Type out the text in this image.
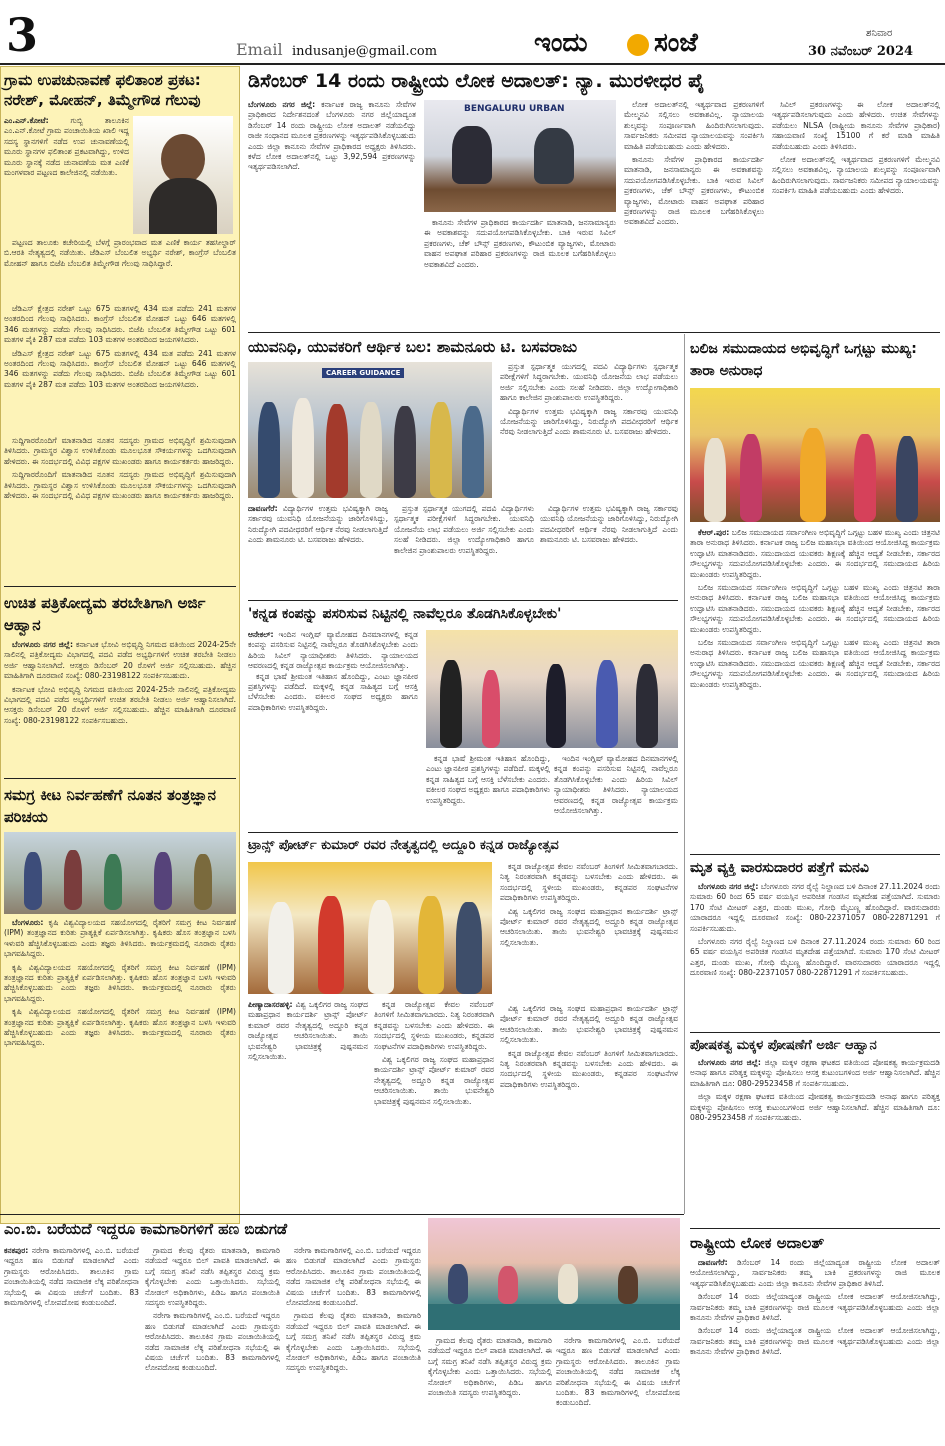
3	Email indusanje@gmail.com	ಇಂದು	ಸಂಜೆ	ಶನಿವಾರ
30 ನವೆಂಬರ್ 2024
ಗ್ರಾಮ ಉಪಚುನಾವಣೆ ಫಲಿತಾಂಶ ಪ್ರಕಟ: ನರೇಶ್, ಮೋಹನ್, ತಿಮ್ಮೇಗೌಡ ಗೆಲುವು
ಎಂ.ಎನ್.ಕೋಟೆ:	ಗುಬ್ಬಿ ತಾಲೂಕಿನ ಎಂ.ಎನ್.ಕೋಟೆ ಗ್ರಾಮ ಪಂಚಾಯಿತಿಯ ಖಾಲಿ ಇದ್ದ ಸದಸ್ಯ ಸ್ಥಾನಗಳಿಗೆ ನಡೆದ ಉಪ ಚುನಾವಣೆಯಲ್ಲಿ ಮೂರು ಸ್ಥಾನಗಳ ಫಲಿತಾಂಶ ಪ್ರಕಟವಾಗಿದ್ದು, ಉಳಿದ ಮೂರು ಸ್ಥಾನಕ್ಕೆ ನಡೆದ ಚುನಾವಣೆಯ ಮತ ಎಣಿಕೆ ಮಂಗಳವಾರ ಪಟ್ಟಣದ ಕಾಲೇಜಿನಲ್ಲಿ ನಡೆಯಿತು.

ಪಟ್ಟಣದ ತಾಲೂಕು ಕಚೇರಿಯಲ್ಲಿ ಬೆಳಗ್ಗೆ ಪ್ರಾರಂಭವಾದ ಮತ ಎಣಿಕೆ ಕಾರ್ಯ ತಹಸೀಲ್ದಾರ್ ಬಿ.ಆರತಿ ನೇತೃತ್ವದಲ್ಲಿ ನಡೆಯಿತು. ಜೆಡಿಎಸ್ ಬೆಂಬಲಿತ ಅಭ್ಯರ್ಥಿ ನರೇಶ್, ಕಾಂಗ್ರೆಸ್ ಬೆಂಬಲಿತ ಮೋಹನ್ ಹಾಗೂ ಬಿಜೆಪಿ ಬೆಂಬಲಿತ ತಿಮ್ಮೇಗೌಡ ಗೆಲುವು ಸಾಧಿಸಿದ್ದಾರೆ.

ಜೆಡಿಎಸ್ ಕ್ಷೇತ್ರದ ನರೇಶ್ ಒಟ್ಟು 675 ಮತಗಳಲ್ಲಿ 434 ಮತ ಪಡೆದು 241 ಮತಗಳ ಅಂತರದಿಂದ ಗೆಲುವು ಸಾಧಿಸಿದರು. ಕಾಂಗ್ರೆಸ್ ಬೆಂಬಲಿತ ಮೋಹನ್ ಒಟ್ಟು 646 ಮತಗಳಲ್ಲಿ 346 ಮತಗಳನ್ನು ಪಡೆದು ಗೆಲುವು ಸಾಧಿಸಿದರು. ಬಿಜೆಪಿ ಬೆಂಬಲಿತ ತಿಮ್ಮೇಗೌಡ ಒಟ್ಟು 601 ಮತಗಳ ಪೈಕಿ 287 ಮತ ಪಡೆದು 103 ಮತಗಳ ಅಂತರದಿಂದ ಜಯಗಳಿಸಿದರು.

ಜೆಡಿಎಸ್ ಕ್ಷೇತ್ರದ ನರೇಶ್ ಒಟ್ಟು 675 ಮತಗಳಲ್ಲಿ 434 ಮತ ಪಡೆದು 241 ಮತಗಳ ಅಂತರದಿಂದ ಗೆಲುವು ಸಾಧಿಸಿದರು. ಕಾಂಗ್ರೆಸ್ ಬೆಂಬಲಿತ ಮೋಹನ್ ಒಟ್ಟು 646 ಮತಗಳಲ್ಲಿ 346 ಮತಗಳನ್ನು ಪಡೆದು ಗೆಲುವು ಸಾಧಿಸಿದರು. ಬಿಜೆಪಿ ಬೆಂಬಲಿತ ತಿಮ್ಮೇಗೌಡ ಒಟ್ಟು 601 ಮತಗಳ ಪೈಕಿ 287 ಮತ ಪಡೆದು 103 ಮತಗಳ ಅಂತರದಿಂದ ಜಯಗಳಿಸಿದರು.

ಸುದ್ದಿಗಾರರೊಂದಿಗೆ ಮಾತನಾಡಿದ ನೂತನ ಸದಸ್ಯರು ಗ್ರಾಮದ ಅಭಿವೃದ್ಧಿಗೆ ಶ್ರಮಿಸುವುದಾಗಿ ತಿಳಿಸಿದರು. ಗ್ರಾಮಸ್ಥರ ವಿಶ್ವಾಸ ಉಳಿಸಿಕೊಂಡು ಮೂಲಭೂತ ಸೌಕರ್ಯಗಳನ್ನು ಒದಗಿಸುವುದಾಗಿ ಹೇಳಿದರು. ಈ ಸಂದರ್ಭದಲ್ಲಿ ವಿವಿಧ ಪಕ್ಷಗಳ ಮುಖಂಡರು ಹಾಗೂ ಕಾರ್ಯಕರ್ತರು ಹಾಜರಿದ್ದರು.

ಸುದ್ದಿಗಾರರೊಂದಿಗೆ ಮಾತನಾಡಿದ ನೂತನ ಸದಸ್ಯರು ಗ್ರಾಮದ ಅಭಿವೃದ್ಧಿಗೆ ಶ್ರಮಿಸುವುದಾಗಿ ತಿಳಿಸಿದರು. ಗ್ರಾಮಸ್ಥರ ವಿಶ್ವಾಸ ಉಳಿಸಿಕೊಂಡು ಮೂಲಭೂತ ಸೌಕರ್ಯಗಳನ್ನು ಒದಗಿಸುವುದಾಗಿ ಹೇಳಿದರು. ಈ ಸಂದರ್ಭದಲ್ಲಿ ವಿವಿಧ ಪಕ್ಷಗಳ ಮುಖಂಡರು ಹಾಗೂ ಕಾರ್ಯಕರ್ತರು ಹಾಜರಿದ್ದರು.

ಉಚಿತ ಪತ್ರಿಕೋದ್ಯಮ ತರಬೇತಿಗಾಗಿ ಅರ್ಜಿ ಆಹ್ವಾನ

ಬೆಂಗಳೂರು ನಗರ ಜಿಲ್ಲೆ: ಕರ್ನಾಟಕ ಭೋವಿ ಅಭಿವೃದ್ಧಿ ನಿಗಮದ ವತಿಯಿಂದ 2024-25ನೇ ಸಾಲಿನಲ್ಲಿ ಪತ್ರಿಕೋದ್ಯಮ ವಿಭಾಗದಲ್ಲಿ ಪದವಿ ಪಡೆದ ಅಭ್ಯರ್ಥಿಗಳಿಗೆ ಉಚಿತ ತರಬೇತಿ ನೀಡಲು ಅರ್ಜಿ ಆಹ್ವಾನಿಸಲಾಗಿದೆ. ಆಸಕ್ತರು ಡಿಸೆಂಬರ್ 20 ರೊಳಗೆ ಅರ್ಜಿ ಸಲ್ಲಿಸಬಹುದು. ಹೆಚ್ಚಿನ ಮಾಹಿತಿಗಾಗಿ ದೂರವಾಣಿ ಸಂಖ್ಯೆ: 080-23198122 ಸಂಪರ್ಕಿಸಬಹುದು.

ಕರ್ನಾಟಕ ಭೋವಿ ಅಭಿವೃದ್ಧಿ ನಿಗಮದ ವತಿಯಿಂದ 2024-25ನೇ ಸಾಲಿನಲ್ಲಿ ಪತ್ರಿಕೋದ್ಯಮ ವಿಭಾಗದಲ್ಲಿ ಪದವಿ ಪಡೆದ ಅಭ್ಯರ್ಥಿಗಳಿಗೆ ಉಚಿತ ತರಬೇತಿ ನೀಡಲು ಅರ್ಜಿ ಆಹ್ವಾನಿಸಲಾಗಿದೆ. ಆಸಕ್ತರು ಡಿಸೆಂಬರ್ 20 ರೊಳಗೆ ಅರ್ಜಿ ಸಲ್ಲಿಸಬಹುದು. ಹೆಚ್ಚಿನ ಮಾಹಿತಿಗಾಗಿ ದೂರವಾಣಿ ಸಂಖ್ಯೆ: 080-23198122 ಸಂಪರ್ಕಿಸಬಹುದು.

ಸಮಗ್ರ ಕೀಟ ನಿರ್ವಹಣೆಗೆ ನೂತನ ತಂತ್ರಜ್ಞಾನ ಪರಿಚಯ

ಬೆಂಗಳೂರು: ಕೃಷಿ ವಿಶ್ವವಿದ್ಯಾಲಯದ ಸಹಯೋಗದಲ್ಲಿ ರೈತರಿಗೆ ಸಮಗ್ರ ಕೀಟ ನಿರ್ವಹಣೆ (IPM) ತಂತ್ರಜ್ಞಾನದ ಕುರಿತು ಪ್ರಾತ್ಯಕ್ಷಿಕೆ ಏರ್ಪಡಿಸಲಾಗಿತ್ತು. ಕೃಷಿಕರು ಹೊಸ ತಂತ್ರಜ್ಞಾನ ಬಳಸಿ ಇಳುವರಿ ಹೆಚ್ಚಿಸಿಕೊಳ್ಳಬಹುದು ಎಂದು ತಜ್ಞರು ತಿಳಿಸಿದರು. ಕಾರ್ಯಕ್ರಮದಲ್ಲಿ ನೂರಾರು ರೈತರು ಭಾಗವಹಿಸಿದ್ದರು.

ಕೃಷಿ ವಿಶ್ವವಿದ್ಯಾಲಯದ ಸಹಯೋಗದಲ್ಲಿ ರೈತರಿಗೆ ಸಮಗ್ರ ಕೀಟ ನಿರ್ವಹಣೆ (IPM) ತಂತ್ರಜ್ಞಾನದ ಕುರಿತು ಪ್ರಾತ್ಯಕ್ಷಿಕೆ ಏರ್ಪಡಿಸಲಾಗಿತ್ತು. ಕೃಷಿಕರು ಹೊಸ ತಂತ್ರಜ್ಞಾನ ಬಳಸಿ ಇಳುವರಿ ಹೆಚ್ಚಿಸಿಕೊಳ್ಳಬಹುದು ಎಂದು ತಜ್ಞರು ತಿಳಿಸಿದರು. ಕಾರ್ಯಕ್ರಮದಲ್ಲಿ ನೂರಾರು ರೈತರು ಭಾಗವಹಿಸಿದ್ದರು.

ಕೃಷಿ ವಿಶ್ವವಿದ್ಯಾಲಯದ ಸಹಯೋಗದಲ್ಲಿ ರೈತರಿಗೆ ಸಮಗ್ರ ಕೀಟ ನಿರ್ವಹಣೆ (IPM) ತಂತ್ರಜ್ಞಾನದ ಕುರಿತು ಪ್ರಾತ್ಯಕ್ಷಿಕೆ ಏರ್ಪಡಿಸಲಾಗಿತ್ತು. ಕೃಷಿಕರು ಹೊಸ ತಂತ್ರಜ್ಞಾನ ಬಳಸಿ ಇಳುವರಿ ಹೆಚ್ಚಿಸಿಕೊಳ್ಳಬಹುದು ಎಂದು ತಜ್ಞರು ತಿಳಿಸಿದರು. ಕಾರ್ಯಕ್ರಮದಲ್ಲಿ ನೂರಾರು ರೈತರು ಭಾಗವಹಿಸಿದ್ದರು.

ಡಿಸೆಂಬರ್ 14 ರಂದು ರಾಷ್ಟ್ರೀಯ ಲೋಕ ಅದಾಲತ್: ನ್ಯಾ. ಮುರಳೀಧರ ಪೈ
ಬೆಂಗಳೂರು ನಗರ ಜಿಲ್ಲೆ: ಕರ್ನಾಟಕ ರಾಜ್ಯ ಕಾನೂನು ಸೇವೆಗಳ ಪ್ರಾಧಿಕಾರದ ನಿರ್ದೇಶನದಂತೆ ಬೆಂಗಳೂರು ನಗರ ಜಿಲ್ಲೆಯಾದ್ಯಂತ ಡಿಸೆಂಬರ್ 14 ರಂದು ರಾಷ್ಟ್ರೀಯ ಲೋಕ ಅದಾಲತ್ ನಡೆಯಲಿದ್ದು ರಾಜೀ ಸಂಧಾನದ ಮೂಲಕ ಪ್ರಕರಣಗಳನ್ನು ಇತ್ಯರ್ಥಪಡಿಸಿಕೊಳ್ಳಬಹುದು ಎಂದು ಜಿಲ್ಲಾ ಕಾನೂನು ಸೇವೆಗಳ ಪ್ರಾಧಿಕಾರದ ಅಧ್ಯಕ್ಷರು ತಿಳಿಸಿದರು. ಕಳೆದ ಲೋಕ ಅದಾಲತ್‌ನಲ್ಲಿ ಒಟ್ಟು 3,92,594 ಪ್ರಕರಣಗಳನ್ನು ಇತ್ಯರ್ಥಪಡಿಸಲಾಗಿದೆ.
BENGALURU URBAN

ಕಾನೂನು ಸೇವೆಗಳ ಪ್ರಾಧಿಕಾರದ ಕಾರ್ಯದರ್ಶಿ ಮಾತನಾಡಿ, ಜನಸಾಮಾನ್ಯರು ಈ ಅವಕಾಶವನ್ನು ಸದುಪಯೋಗಪಡಿಸಿಕೊಳ್ಳಬೇಕು. ಬಾಕಿ ಇರುವ ಸಿವಿಲ್ ಪ್ರಕರಣಗಳು, ಚೆಕ್ ಬೌನ್ಸ್ ಪ್ರಕರಣಗಳು, ಕೌಟುಂಬಿಕ ವ್ಯಾಜ್ಯಗಳು, ಮೋಟಾರು ವಾಹನ ಅಪಘಾತ ಪರಿಹಾರ ಪ್ರಕರಣಗಳನ್ನು ರಾಜಿ ಮೂಲಕ ಬಗೆಹರಿಸಿಕೊಳ್ಳಲು ಅವಕಾಶವಿದೆ ಎಂದರು.

ಲೋಕ ಅದಾಲತ್‌ನಲ್ಲಿ ಇತ್ಯರ್ಥವಾದ ಪ್ರಕರಣಗಳಿಗೆ ಮೇಲ್ಮನವಿ ಸಲ್ಲಿಸಲು ಅವಕಾಶವಿಲ್ಲ. ನ್ಯಾಯಾಲಯ ಶುಲ್ಕವನ್ನು ಸಂಪೂರ್ಣವಾಗಿ ಹಿಂದಿರುಗಿಸಲಾಗುವುದು. ಸಾರ್ವಜನಿಕರು ಸಮೀಪದ ನ್ಯಾಯಾಲಯವನ್ನು ಸಂಪರ್ಕಿಸಿ ಮಾಹಿತಿ ಪಡೆಯಬಹುದು ಎಂದು ಹೇಳಿದರು.

ಕಾನೂನು ಸೇವೆಗಳ ಪ್ರಾಧಿಕಾರದ ಕಾರ್ಯದರ್ಶಿ ಮಾತನಾಡಿ, ಜನಸಾಮಾನ್ಯರು ಈ ಅವಕಾಶವನ್ನು ಸದುಪಯೋಗಪಡಿಸಿಕೊಳ್ಳಬೇಕು. ಬಾಕಿ ಇರುವ ಸಿವಿಲ್ ಪ್ರಕರಣಗಳು, ಚೆಕ್ ಬೌನ್ಸ್ ಪ್ರಕರಣಗಳು, ಕೌಟುಂಬಿಕ ವ್ಯಾಜ್ಯಗಳು, ಮೋಟಾರು ವಾಹನ ಅಪಘಾತ ಪರಿಹಾರ ಪ್ರಕರಣಗಳನ್ನು ರಾಜಿ ಮೂಲಕ ಬಗೆಹರಿಸಿಕೊಳ್ಳಲು ಅವಕಾಶವಿದೆ ಎಂದರು.

ಸಿವಿಲ್ ಪ್ರಕರಣಗಳನ್ನು ಈ ಲೋಕ ಅದಾಲತ್‌ನಲ್ಲಿ ಇತ್ಯರ್ಥಪಡಿಸಲಾಗುವುದು ಎಂದು ಹೇಳಿದರು. ಉಚಿತ ಸೇವೆಗಳನ್ನು ಪಡೆಯಲು NLSA (ರಾಷ್ಟ್ರೀಯ ಕಾನೂನು ಸೇವೆಗಳ ಪ್ರಾಧಿಕಾರ) ಸಹಾಯವಾಣಿ ಸಂಖ್ಯೆ 15100 ಗೆ ಕರೆ ಮಾಡಿ ಮಾಹಿತಿ ಪಡೆಯಬಹುದು ಎಂದು ತಿಳಿಸಿದರು.

ಲೋಕ ಅದಾಲತ್‌ನಲ್ಲಿ ಇತ್ಯರ್ಥವಾದ ಪ್ರಕರಣಗಳಿಗೆ ಮೇಲ್ಮನವಿ ಸಲ್ಲಿಸಲು ಅವಕಾಶವಿಲ್ಲ. ನ್ಯಾಯಾಲಯ ಶುಲ್ಕವನ್ನು ಸಂಪೂರ್ಣವಾಗಿ ಹಿಂದಿರುಗಿಸಲಾಗುವುದು. ಸಾರ್ವಜನಿಕರು ಸಮೀಪದ ನ್ಯಾಯಾಲಯವನ್ನು ಸಂಪರ್ಕಿಸಿ ಮಾಹಿತಿ ಪಡೆಯಬಹುದು ಎಂದು ಹೇಳಿದರು.

ಯುವನಿಧಿ, ಯುವಕರಿಗೆ ಆರ್ಥಿಕ ಬಲ: ಶಾಮನೂರು ಟಿ. ಬಸವರಾಜು
CAREER GUIDANCE

ಪ್ರಸ್ತುತ ಸ್ಪರ್ಧಾತ್ಮಕ ಯುಗದಲ್ಲಿ ಪದವಿ ವಿದ್ಯಾರ್ಥಿಗಳು ಸ್ಪರ್ಧಾತ್ಮಕ ಪರೀಕ್ಷೆಗಳಿಗೆ ಸಿದ್ಧರಾಗಬೇಕು. ಯುವನಿಧಿ ಯೋಜನೆಯ ಲಾಭ ಪಡೆಯಲು ಅರ್ಜಿ ಸಲ್ಲಿಸಬೇಕು ಎಂದು ಸಲಹೆ ನೀಡಿದರು. ಜಿಲ್ಲಾ ಉದ್ಯೋಗಾಧಿಕಾರಿ ಹಾಗೂ ಕಾಲೇಜಿನ ಪ್ರಾಂಶುಪಾಲರು ಉಪಸ್ಥಿತರಿದ್ದರು.

ವಿದ್ಯಾರ್ಥಿಗಳ ಉತ್ತಮ ಭವಿಷ್ಯಕ್ಕಾಗಿ ರಾಜ್ಯ ಸರ್ಕಾರವು ಯುವನಿಧಿ ಯೋಜನೆಯನ್ನು ಜಾರಿಗೊಳಿಸಿದ್ದು, ನಿರುದ್ಯೋಗಿ ಪದವೀಧರರಿಗೆ ಆರ್ಥಿಕ ನೆರವು ನೀಡಲಾಗುತ್ತಿದೆ ಎಂದು ಶಾಮನೂರು ಟಿ. ಬಸವರಾಜು ಹೇಳಿದರು.

ದಾವಣಗೆರೆ: ವಿದ್ಯಾರ್ಥಿಗಳ ಉತ್ತಮ ಭವಿಷ್ಯಕ್ಕಾಗಿ ರಾಜ್ಯ ಸರ್ಕಾರವು ಯುವನಿಧಿ ಯೋಜನೆಯನ್ನು ಜಾರಿಗೊಳಿಸಿದ್ದು, ನಿರುದ್ಯೋಗಿ ಪದವೀಧರರಿಗೆ ಆರ್ಥಿಕ ನೆರವು ನೀಡಲಾಗುತ್ತಿದೆ ಎಂದು ಶಾಮನೂರು ಟಿ. ಬಸವರಾಜು ಹೇಳಿದರು.

ಪ್ರಸ್ತುತ ಸ್ಪರ್ಧಾತ್ಮಕ ಯುಗದಲ್ಲಿ ಪದವಿ ವಿದ್ಯಾರ್ಥಿಗಳು ಸ್ಪರ್ಧಾತ್ಮಕ ಪರೀಕ್ಷೆಗಳಿಗೆ ಸಿದ್ಧರಾಗಬೇಕು. ಯುವನಿಧಿ ಯೋಜನೆಯ ಲಾಭ ಪಡೆಯಲು ಅರ್ಜಿ ಸಲ್ಲಿಸಬೇಕು ಎಂದು ಸಲಹೆ ನೀಡಿದರು. ಜಿಲ್ಲಾ ಉದ್ಯೋಗಾಧಿಕಾರಿ ಹಾಗೂ ಕಾಲೇಜಿನ ಪ್ರಾಂಶುಪಾಲರು ಉಪಸ್ಥಿತರಿದ್ದರು.

ವಿದ್ಯಾರ್ಥಿಗಳ ಉತ್ತಮ ಭವಿಷ್ಯಕ್ಕಾಗಿ ರಾಜ್ಯ ಸರ್ಕಾರವು ಯುವನಿಧಿ ಯೋಜನೆಯನ್ನು ಜಾರಿಗೊಳಿಸಿದ್ದು, ನಿರುದ್ಯೋಗಿ ಪದವೀಧರರಿಗೆ ಆರ್ಥಿಕ ನೆರವು ನೀಡಲಾಗುತ್ತಿದೆ ಎಂದು ಶಾಮನೂರು ಟಿ. ಬಸವರಾಜು ಹೇಳಿದರು.

'ಕನ್ನಡ ಕಂಪನ್ನು ಪಸರಿಸುವ ನಿಟ್ಟಿನಲ್ಲಿ ನಾವೆಲ್ಲರೂ ತೊಡಗಿಸಿಕೊಳ್ಳಬೇಕು'
ಆನೇಕಲ್: ಇಂದಿನ ಇಂಗ್ಲಿಷ್ ವ್ಯಾಮೋಹದ ದಿನಮಾನಗಳಲ್ಲಿ ಕನ್ನಡ ಕಂಪನ್ನು ಪಸರಿಸುವ ನಿಟ್ಟಿನಲ್ಲಿ ನಾವೆಲ್ಲರೂ ತೊಡಗಿಸಿಕೊಳ್ಳಬೇಕು ಎಂದು ಹಿರಿಯ ಸಿವಿಲ್ ನ್ಯಾಯಾಧೀಶರು ತಿಳಿಸಿದರು. ನ್ಯಾಯಾಲಯದ ಆವರಣದಲ್ಲಿ ಕನ್ನಡ ರಾಜ್ಯೋತ್ಸವ ಕಾರ್ಯಕ್ರಮ ಆಯೋಜಿಸಲಾಗಿತ್ತು.

ಕನ್ನಡ ಭಾಷೆ ಶ್ರೀಮಂತ ಇತಿಹಾಸ ಹೊಂದಿದ್ದು, ಎಂಟು ಜ್ಞಾನಪೀಠ ಪ್ರಶಸ್ತಿಗಳನ್ನು ಪಡೆದಿದೆ. ಮಕ್ಕಳಲ್ಲಿ ಕನ್ನಡ ಸಾಹಿತ್ಯದ ಬಗ್ಗೆ ಆಸಕ್ತಿ ಬೆಳೆಸಬೇಕು ಎಂದರು. ವಕೀಲರ ಸಂಘದ ಅಧ್ಯಕ್ಷರು ಹಾಗೂ ಪದಾಧಿಕಾರಿಗಳು ಉಪಸ್ಥಿತರಿದ್ದರು.

ಕನ್ನಡ ಭಾಷೆ ಶ್ರೀಮಂತ ಇತಿಹಾಸ ಹೊಂದಿದ್ದು, ಎಂಟು ಜ್ಞಾನಪೀಠ ಪ್ರಶಸ್ತಿಗಳನ್ನು ಪಡೆದಿದೆ. ಮಕ್ಕಳಲ್ಲಿ ಕನ್ನಡ ಸಾಹಿತ್ಯದ ಬಗ್ಗೆ ಆಸಕ್ತಿ ಬೆಳೆಸಬೇಕು ಎಂದರು. ವಕೀಲರ ಸಂಘದ ಅಧ್ಯಕ್ಷರು ಹಾಗೂ ಪದಾಧಿಕಾರಿಗಳು ಉಪಸ್ಥಿತರಿದ್ದರು.

ಇಂದಿನ ಇಂಗ್ಲಿಷ್ ವ್ಯಾಮೋಹದ ದಿನಮಾನಗಳಲ್ಲಿ ಕನ್ನಡ ಕಂಪನ್ನು ಪಸರಿಸುವ ನಿಟ್ಟಿನಲ್ಲಿ ನಾವೆಲ್ಲರೂ ತೊಡಗಿಸಿಕೊಳ್ಳಬೇಕು ಎಂದು ಹಿರಿಯ ಸಿವಿಲ್ ನ್ಯಾಯಾಧೀಶರು ತಿಳಿಸಿದರು. ನ್ಯಾಯಾಲಯದ ಆವರಣದಲ್ಲಿ ಕನ್ನಡ ರಾಜ್ಯೋತ್ಸವ ಕಾರ್ಯಕ್ರಮ ಆಯೋಜಿಸಲಾಗಿತ್ತು.

ಟ್ರಾನ್ಸ್ ಪೋರ್ಟ್ ಕುಮಾರ್ ರವರ ನೇತೃತ್ವದಲ್ಲಿ ಅದ್ದೂರಿ ಕನ್ನಡ ರಾಜ್ಯೋತ್ಸವ

ಕನ್ನಡ ರಾಜ್ಯೋತ್ಸವ ಕೇವಲ ನವೆಂಬರ್ ತಿಂಗಳಿಗೆ ಸೀಮಿತವಾಗಬಾರದು. ನಿತ್ಯ ನಿರಂತರವಾಗಿ ಕನ್ನಡವನ್ನು ಬಳಸಬೇಕು ಎಂದು ಹೇಳಿದರು. ಈ ಸಂದರ್ಭದಲ್ಲಿ ಸ್ಥಳೀಯ ಮುಖಂಡರು, ಕನ್ನಡಪರ ಸಂಘಟನೆಗಳ ಪದಾಧಿಕಾರಿಗಳು ಉಪಸ್ಥಿತರಿದ್ದರು.

ವಿಶ್ವ ಒಕ್ಕಲಿಗರ ರಾಜ್ಯ ಸಂಘದ ಮಹಾಪ್ರಧಾನ ಕಾರ್ಯದರ್ಶಿ ಟ್ರಾನ್ಸ್ ಪೋರ್ಟ್ ಕುಮಾರ್ ರವರ ನೇತೃತ್ವದಲ್ಲಿ ಅದ್ದೂರಿ ಕನ್ನಡ ರಾಜ್ಯೋತ್ಸವ ಆಚರಿಸಲಾಯಿತು. ತಾಯಿ ಭುವನೇಶ್ವರಿ ಭಾವಚಿತ್ರಕ್ಕೆ ಪುಷ್ಪನಮನ ಸಲ್ಲಿಸಲಾಯಿತು.

ಪೀಣ್ಯಾದಾಸರಹಳ್ಳಿ: ವಿಶ್ವ ಒಕ್ಕಲಿಗರ ರಾಜ್ಯ ಸಂಘದ ಮಹಾಪ್ರಧಾನ ಕಾರ್ಯದರ್ಶಿ ಟ್ರಾನ್ಸ್ ಪೋರ್ಟ್ ಕುಮಾರ್ ರವರ ನೇತೃತ್ವದಲ್ಲಿ ಅದ್ದೂರಿ ಕನ್ನಡ ರಾಜ್ಯೋತ್ಸವ ಆಚರಿಸಲಾಯಿತು. ತಾಯಿ ಭುವನೇಶ್ವರಿ ಭಾವಚಿತ್ರಕ್ಕೆ ಪುಷ್ಪನಮನ ಸಲ್ಲಿಸಲಾಯಿತು.

ಕನ್ನಡ ರಾಜ್ಯೋತ್ಸವ ಕೇವಲ ನವೆಂಬರ್ ತಿಂಗಳಿಗೆ ಸೀಮಿತವಾಗಬಾರದು. ನಿತ್ಯ ನಿರಂತರವಾಗಿ ಕನ್ನಡವನ್ನು ಬಳಸಬೇಕು ಎಂದು ಹೇಳಿದರು. ಈ ಸಂದರ್ಭದಲ್ಲಿ ಸ್ಥಳೀಯ ಮುಖಂಡರು, ಕನ್ನಡಪರ ಸಂಘಟನೆಗಳ ಪದಾಧಿಕಾರಿಗಳು ಉಪಸ್ಥಿತರಿದ್ದರು.

ವಿಶ್ವ ಒಕ್ಕಲಿಗರ ರಾಜ್ಯ ಸಂಘದ ಮಹಾಪ್ರಧಾನ ಕಾರ್ಯದರ್ಶಿ ಟ್ರಾನ್ಸ್ ಪೋರ್ಟ್ ಕುಮಾರ್ ರವರ ನೇತೃತ್ವದಲ್ಲಿ ಅದ್ದೂರಿ ಕನ್ನಡ ರಾಜ್ಯೋತ್ಸವ ಆಚರಿಸಲಾಯಿತು. ತಾಯಿ ಭುವನೇಶ್ವರಿ ಭಾವಚಿತ್ರಕ್ಕೆ ಪುಷ್ಪನಮನ ಸಲ್ಲಿಸಲಾಯಿತು.

ವಿಶ್ವ ಒಕ್ಕಲಿಗರ ರಾಜ್ಯ ಸಂಘದ ಮಹಾಪ್ರಧಾನ ಕಾರ್ಯದರ್ಶಿ ಟ್ರಾನ್ಸ್ ಪೋರ್ಟ್ ಕುಮಾರ್ ರವರ ನೇತೃತ್ವದಲ್ಲಿ ಅದ್ದೂರಿ ಕನ್ನಡ ರಾಜ್ಯೋತ್ಸವ ಆಚರಿಸಲಾಯಿತು. ತಾಯಿ ಭುವನೇಶ್ವರಿ ಭಾವಚಿತ್ರಕ್ಕೆ ಪುಷ್ಪನಮನ ಸಲ್ಲಿಸಲಾಯಿತು.

ಕನ್ನಡ ರಾಜ್ಯೋತ್ಸವ ಕೇವಲ ನವೆಂಬರ್ ತಿಂಗಳಿಗೆ ಸೀಮಿತವಾಗಬಾರದು. ನಿತ್ಯ ನಿರಂತರವಾಗಿ ಕನ್ನಡವನ್ನು ಬಳಸಬೇಕು ಎಂದು ಹೇಳಿದರು. ಈ ಸಂದರ್ಭದಲ್ಲಿ ಸ್ಥಳೀಯ ಮುಖಂಡರು, ಕನ್ನಡಪರ ಸಂಘಟನೆಗಳ ಪದಾಧಿಕಾರಿಗಳು ಉಪಸ್ಥಿತರಿದ್ದರು.

ಬಲಿಜ ಸಮುದಾಯದ ಅಭಿವೃದ್ಧಿಗೆ ಒಗ್ಗಟ್ಟು ಮುಖ್ಯ: ತಾರಾ ಅನುರಾಧ

ಕೆಆರ್.ಪುರ: ಬಲಿಜ ಸಮುದಾಯದ ಸರ್ವಾಂಗೀಣ ಅಭಿವೃದ್ಧಿಗೆ ಒಗ್ಗಟ್ಟು ಬಹಳ ಮುಖ್ಯ ಎಂದು ಚಿತ್ರನಟಿ ತಾರಾ ಅನುರಾಧ ತಿಳಿಸಿದರು. ಕರ್ನಾಟಕ ರಾಜ್ಯ ಬಲಿಜ ಮಹಾಸಭಾ ವತಿಯಿಂದ ಆಯೋಜಿಸಿದ್ದ ಕಾರ್ಯಕ್ರಮ ಉದ್ಘಾಟಿಸಿ ಮಾತನಾಡಿದರು. ಸಮುದಾಯದ ಯುವಕರು ಶಿಕ್ಷಣಕ್ಕೆ ಹೆಚ್ಚಿನ ಆದ್ಯತೆ ನೀಡಬೇಕು, ಸರ್ಕಾರದ ಸೌಲಭ್ಯಗಳನ್ನು ಸದುಪಯೋಗಪಡಿಸಿಕೊಳ್ಳಬೇಕು ಎಂದರು. ಈ ಸಂದರ್ಭದಲ್ಲಿ ಸಮುದಾಯದ ಹಿರಿಯ ಮುಖಂಡರು ಉಪಸ್ಥಿತರಿದ್ದರು.

ಬಲಿಜ ಸಮುದಾಯದ ಸರ್ವಾಂಗೀಣ ಅಭಿವೃದ್ಧಿಗೆ ಒಗ್ಗಟ್ಟು ಬಹಳ ಮುಖ್ಯ ಎಂದು ಚಿತ್ರನಟಿ ತಾರಾ ಅನುರಾಧ ತಿಳಿಸಿದರು. ಕರ್ನಾಟಕ ರಾಜ್ಯ ಬಲಿಜ ಮಹಾಸಭಾ ವತಿಯಿಂದ ಆಯೋಜಿಸಿದ್ದ ಕಾರ್ಯಕ್ರಮ ಉದ್ಘಾಟಿಸಿ ಮಾತನಾಡಿದರು. ಸಮುದಾಯದ ಯುವಕರು ಶಿಕ್ಷಣಕ್ಕೆ ಹೆಚ್ಚಿನ ಆದ್ಯತೆ ನೀಡಬೇಕು, ಸರ್ಕಾರದ ಸೌಲಭ್ಯಗಳನ್ನು ಸದುಪಯೋಗಪಡಿಸಿಕೊಳ್ಳಬೇಕು ಎಂದರು. ಈ ಸಂದರ್ಭದಲ್ಲಿ ಸಮುದಾಯದ ಹಿರಿಯ ಮುಖಂಡರು ಉಪಸ್ಥಿತರಿದ್ದರು.

ಬಲಿಜ ಸಮುದಾಯದ ಸರ್ವಾಂಗೀಣ ಅಭಿವೃದ್ಧಿಗೆ ಒಗ್ಗಟ್ಟು ಬಹಳ ಮುಖ್ಯ ಎಂದು ಚಿತ್ರನಟಿ ತಾರಾ ಅನುರಾಧ ತಿಳಿಸಿದರು. ಕರ್ನಾಟಕ ರಾಜ್ಯ ಬಲಿಜ ಮಹಾಸಭಾ ವತಿಯಿಂದ ಆಯೋಜಿಸಿದ್ದ ಕಾರ್ಯಕ್ರಮ ಉದ್ಘಾಟಿಸಿ ಮಾತನಾಡಿದರು. ಸಮುದಾಯದ ಯುವಕರು ಶಿಕ್ಷಣಕ್ಕೆ ಹೆಚ್ಚಿನ ಆದ್ಯತೆ ನೀಡಬೇಕು, ಸರ್ಕಾರದ ಸೌಲಭ್ಯಗಳನ್ನು ಸದುಪಯೋಗಪಡಿಸಿಕೊಳ್ಳಬೇಕು ಎಂದರು. ಈ ಸಂದರ್ಭದಲ್ಲಿ ಸಮುದಾಯದ ಹಿರಿಯ ಮುಖಂಡರು ಉಪಸ್ಥಿತರಿದ್ದರು.

ಮೃತ ವ್ಯಕ್ತಿ ವಾರಸುದಾರರ ಪತ್ತೆಗೆ ಮನವಿ

ಬೆಂಗಳೂರು ನಗರ ಜಿಲ್ಲೆ: ಬೆಂಗಳೂರು ನಗರ ರೈಲ್ವೆ ನಿಲ್ದಾಣದ ಬಳಿ ದಿನಾಂಕ 27.11.2024 ರಂದು ಸುಮಾರು 60 ರಿಂದ 65 ವರ್ಷ ವಯಸ್ಸಿನ ಅಪರಿಚಿತ ಗಂಡಸಿನ ಮೃತದೇಹ ಪತ್ತೆಯಾಗಿದೆ. ಸುಮಾರು 170 ಸೆಂಟಿ ಮೀಟರ್ ಎತ್ತರ, ದುಂಡು ಮುಖ, ಗೋಧಿ ಮೈಬಣ್ಣ ಹೊಂದಿದ್ದಾರೆ. ವಾರಸುದಾರರು ಯಾರಾದರೂ ಇದ್ದಲ್ಲಿ ದೂರವಾಣಿ ಸಂಖ್ಯೆ: 080-22371057 080-22871291 ಗೆ ಸಂಪರ್ಕಿಸಬಹುದು.

ಬೆಂಗಳೂರು ನಗರ ರೈಲ್ವೆ ನಿಲ್ದಾಣದ ಬಳಿ ದಿನಾಂಕ 27.11.2024 ರಂದು ಸುಮಾರು 60 ರಿಂದ 65 ವರ್ಷ ವಯಸ್ಸಿನ ಅಪರಿಚಿತ ಗಂಡಸಿನ ಮೃತದೇಹ ಪತ್ತೆಯಾಗಿದೆ. ಸುಮಾರು 170 ಸೆಂಟಿ ಮೀಟರ್ ಎತ್ತರ, ದುಂಡು ಮುಖ, ಗೋಧಿ ಮೈಬಣ್ಣ ಹೊಂದಿದ್ದಾರೆ. ವಾರಸುದಾರರು ಯಾರಾದರೂ ಇದ್ದಲ್ಲಿ ದೂರವಾಣಿ ಸಂಖ್ಯೆ: 080-22371057 080-22871291 ಗೆ ಸಂಪರ್ಕಿಸಬಹುದು.

ಪೋಷಕತ್ವ ಮಕ್ಕಳ ಪೋಷಣೆಗೆ ಅರ್ಜಿ ಆಹ್ವಾನ

ಬೆಂಗಳೂರು ನಗರ ಜಿಲ್ಲೆ: ಜಿಲ್ಲಾ ಮಕ್ಕಳ ರಕ್ಷಣಾ ಘಟಕದ ವತಿಯಿಂದ ಪೋಷಕತ್ವ ಕಾರ್ಯಕ್ರಮದಡಿ ಅನಾಥ ಹಾಗೂ ಪರಿತ್ಯಕ್ತ ಮಕ್ಕಳನ್ನು ಪೋಷಿಸಲು ಆಸಕ್ತ ಕುಟುಂಬಗಳಿಂದ ಅರ್ಜಿ ಆಹ್ವಾನಿಸಲಾಗಿದೆ. ಹೆಚ್ಚಿನ ಮಾಹಿತಿಗಾಗಿ ದೂ: 080-29523458 ಗೆ ಸಂಪರ್ಕಿಸಬಹುದು.

ಜಿಲ್ಲಾ ಮಕ್ಕಳ ರಕ್ಷಣಾ ಘಟಕದ ವತಿಯಿಂದ ಪೋಷಕತ್ವ ಕಾರ್ಯಕ್ರಮದಡಿ ಅನಾಥ ಹಾಗೂ ಪರಿತ್ಯಕ್ತ ಮಕ್ಕಳನ್ನು ಪೋಷಿಸಲು ಆಸಕ್ತ ಕುಟುಂಬಗಳಿಂದ ಅರ್ಜಿ ಆಹ್ವಾನಿಸಲಾಗಿದೆ. ಹೆಚ್ಚಿನ ಮಾಹಿತಿಗಾಗಿ ದೂ: 080-29523458 ಗೆ ಸಂಪರ್ಕಿಸಬಹುದು.

ರಾಷ್ಟ್ರೀಯ ಲೋಕ ಅದಾಲತ್

ದಾವಣಗೆರೆ: ಡಿಸೆಂಬರ್ 14 ರಂದು ಜಿಲ್ಲೆಯಾದ್ಯಂತ ರಾಷ್ಟ್ರೀಯ ಲೋಕ ಅದಾಲತ್ ಆಯೋಜಿಸಲಾಗಿದ್ದು, ಸಾರ್ವಜನಿಕರು ತಮ್ಮ ಬಾಕಿ ಪ್ರಕರಣಗಳನ್ನು ರಾಜಿ ಮೂಲಕ ಇತ್ಯರ್ಥಪಡಿಸಿಕೊಳ್ಳಬಹುದು ಎಂದು ಜಿಲ್ಲಾ ಕಾನೂನು ಸೇವೆಗಳ ಪ್ರಾಧಿಕಾರ ತಿಳಿಸಿದೆ.

ಡಿಸೆಂಬರ್ 14 ರಂದು ಜಿಲ್ಲೆಯಾದ್ಯಂತ ರಾಷ್ಟ್ರೀಯ ಲೋಕ ಅದಾಲತ್ ಆಯೋಜಿಸಲಾಗಿದ್ದು, ಸಾರ್ವಜನಿಕರು ತಮ್ಮ ಬಾಕಿ ಪ್ರಕರಣಗಳನ್ನು ರಾಜಿ ಮೂಲಕ ಇತ್ಯರ್ಥಪಡಿಸಿಕೊಳ್ಳಬಹುದು ಎಂದು ಜಿಲ್ಲಾ ಕಾನೂನು ಸೇವೆಗಳ ಪ್ರಾಧಿಕಾರ ತಿಳಿಸಿದೆ.

ಡಿಸೆಂಬರ್ 14 ರಂದು ಜಿಲ್ಲೆಯಾದ್ಯಂತ ರಾಷ್ಟ್ರೀಯ ಲೋಕ ಅದಾಲತ್ ಆಯೋಜಿಸಲಾಗಿದ್ದು, ಸಾರ್ವಜನಿಕರು ತಮ್ಮ ಬಾಕಿ ಪ್ರಕರಣಗಳನ್ನು ರಾಜಿ ಮೂಲಕ ಇತ್ಯರ್ಥಪಡಿಸಿಕೊಳ್ಳಬಹುದು ಎಂದು ಜಿಲ್ಲಾ ಕಾನೂನು ಸೇವೆಗಳ ಪ್ರಾಧಿಕಾರ ತಿಳಿಸಿದೆ.

ಎಂ.ಬಿ. ಬರೆಯದೆ ಇದ್ದರೂ ಕಾಮಗಾರಿಗಳಿಗೆ ಹಣ ಬಿಡುಗಡೆ
ಕನಕಪುರ: ನರೇಗಾ ಕಾಮಗಾರಿಗಳಲ್ಲಿ ಎಂ.ಬಿ. ಬರೆಯದೆ ಇದ್ದರೂ ಹಣ ಬಿಡುಗಡೆ ಮಾಡಲಾಗಿದೆ ಎಂದು ಗ್ರಾಮಸ್ಥರು ಆರೋಪಿಸಿದರು. ತಾಲೂಕಿನ ಗ್ರಾಮ ಪಂಚಾಯಿತಿಯಲ್ಲಿ ನಡೆದ ಸಾಮಾಜಿಕ ಲೆಕ್ಕ ಪರಿಶೋಧನಾ ಸಭೆಯಲ್ಲಿ ಈ ವಿಷಯ ಚರ್ಚೆಗೆ ಬಂದಿತು. 83 ಕಾಮಗಾರಿಗಳಲ್ಲಿ ಲೋಪದೋಷ ಕಂಡುಬಂದಿದೆ.

ಗ್ರಾಮದ ಕೆಲವು ರೈತರು ಮಾತನಾಡಿ, ಕಾಮಗಾರಿ ನಡೆಯದೆ ಇದ್ದರೂ ಬಿಲ್ ಪಾವತಿ ಮಾಡಲಾಗಿದೆ. ಈ ಬಗ್ಗೆ ಸಮಗ್ರ ತನಿಖೆ ನಡೆಸಿ ತಪ್ಪಿತಸ್ಥರ ವಿರುದ್ಧ ಕ್ರಮ ಕೈಗೊಳ್ಳಬೇಕು ಎಂದು ಒತ್ತಾಯಿಸಿದರು. ಸಭೆಯಲ್ಲಿ ನೋಡಲ್ ಅಧಿಕಾರಿಗಳು, ಪಿಡಿಒ ಹಾಗೂ ಪಂಚಾಯಿತಿ ಸದಸ್ಯರು ಉಪಸ್ಥಿತರಿದ್ದರು.

ನರೇಗಾ ಕಾಮಗಾರಿಗಳಲ್ಲಿ ಎಂ.ಬಿ. ಬರೆಯದೆ ಇದ್ದರೂ ಹಣ ಬಿಡುಗಡೆ ಮಾಡಲಾಗಿದೆ ಎಂದು ಗ್ರಾಮಸ್ಥರು ಆರೋಪಿಸಿದರು. ತಾಲೂಕಿನ ಗ್ರಾಮ ಪಂಚಾಯಿತಿಯಲ್ಲಿ ನಡೆದ ಸಾಮಾಜಿಕ ಲೆಕ್ಕ ಪರಿಶೋಧನಾ ಸಭೆಯಲ್ಲಿ ಈ ವಿಷಯ ಚರ್ಚೆಗೆ ಬಂದಿತು. 83 ಕಾಮಗಾರಿಗಳಲ್ಲಿ ಲೋಪದೋಷ ಕಂಡುಬಂದಿದೆ.

ನರೇಗಾ ಕಾಮಗಾರಿಗಳಲ್ಲಿ ಎಂ.ಬಿ. ಬರೆಯದೆ ಇದ್ದರೂ ಹಣ ಬಿಡುಗಡೆ ಮಾಡಲಾಗಿದೆ ಎಂದು ಗ್ರಾಮಸ್ಥರು ಆರೋಪಿಸಿದರು. ತಾಲೂಕಿನ ಗ್ರಾಮ ಪಂಚಾಯಿತಿಯಲ್ಲಿ ನಡೆದ ಸಾಮಾಜಿಕ ಲೆಕ್ಕ ಪರಿಶೋಧನಾ ಸಭೆಯಲ್ಲಿ ಈ ವಿಷಯ ಚರ್ಚೆಗೆ ಬಂದಿತು. 83 ಕಾಮಗಾರಿಗಳಲ್ಲಿ ಲೋಪದೋಷ ಕಂಡುಬಂದಿದೆ.

ಗ್ರಾಮದ ಕೆಲವು ರೈತರು ಮಾತನಾಡಿ, ಕಾಮಗಾರಿ ನಡೆಯದೆ ಇದ್ದರೂ ಬಿಲ್ ಪಾವತಿ ಮಾಡಲಾಗಿದೆ. ಈ ಬಗ್ಗೆ ಸಮಗ್ರ ತನಿಖೆ ನಡೆಸಿ ತಪ್ಪಿತಸ್ಥರ ವಿರುದ್ಧ ಕ್ರಮ ಕೈಗೊಳ್ಳಬೇಕು ಎಂದು ಒತ್ತಾಯಿಸಿದರು. ಸಭೆಯಲ್ಲಿ ನೋಡಲ್ ಅಧಿಕಾರಿಗಳು, ಪಿಡಿಒ ಹಾಗೂ ಪಂಚಾಯಿತಿ ಸದಸ್ಯರು ಉಪಸ್ಥಿತರಿದ್ದರು.

ಗ್ರಾಮದ ಕೆಲವು ರೈತರು ಮಾತನಾಡಿ, ಕಾಮಗಾರಿ ನಡೆಯದೆ ಇದ್ದರೂ ಬಿಲ್ ಪಾವತಿ ಮಾಡಲಾಗಿದೆ. ಈ ಬಗ್ಗೆ ಸಮಗ್ರ ತನಿಖೆ ನಡೆಸಿ ತಪ್ಪಿತಸ್ಥರ ವಿರುದ್ಧ ಕ್ರಮ ಕೈಗೊಳ್ಳಬೇಕು ಎಂದು ಒತ್ತಾಯಿಸಿದರು. ಸಭೆಯಲ್ಲಿ ನೋಡಲ್ ಅಧಿಕಾರಿಗಳು, ಪಿಡಿಒ ಹಾಗೂ ಪಂಚಾಯಿತಿ ಸದಸ್ಯರು ಉಪಸ್ಥಿತರಿದ್ದರು.

ನರೇಗಾ ಕಾಮಗಾರಿಗಳಲ್ಲಿ ಎಂ.ಬಿ. ಬರೆಯದೆ ಇದ್ದರೂ ಹಣ ಬಿಡುಗಡೆ ಮಾಡಲಾಗಿದೆ ಎಂದು ಗ್ರಾಮಸ್ಥರು ಆರೋಪಿಸಿದರು. ತಾಲೂಕಿನ ಗ್ರಾಮ ಪಂಚಾಯಿತಿಯಲ್ಲಿ ನಡೆದ ಸಾಮಾಜಿಕ ಲೆಕ್ಕ ಪರಿಶೋಧನಾ ಸಭೆಯಲ್ಲಿ ಈ ವಿಷಯ ಚರ್ಚೆಗೆ ಬಂದಿತು. 83 ಕಾಮಗಾರಿಗಳಲ್ಲಿ ಲೋಪದೋಷ ಕಂಡುಬಂದಿದೆ.
